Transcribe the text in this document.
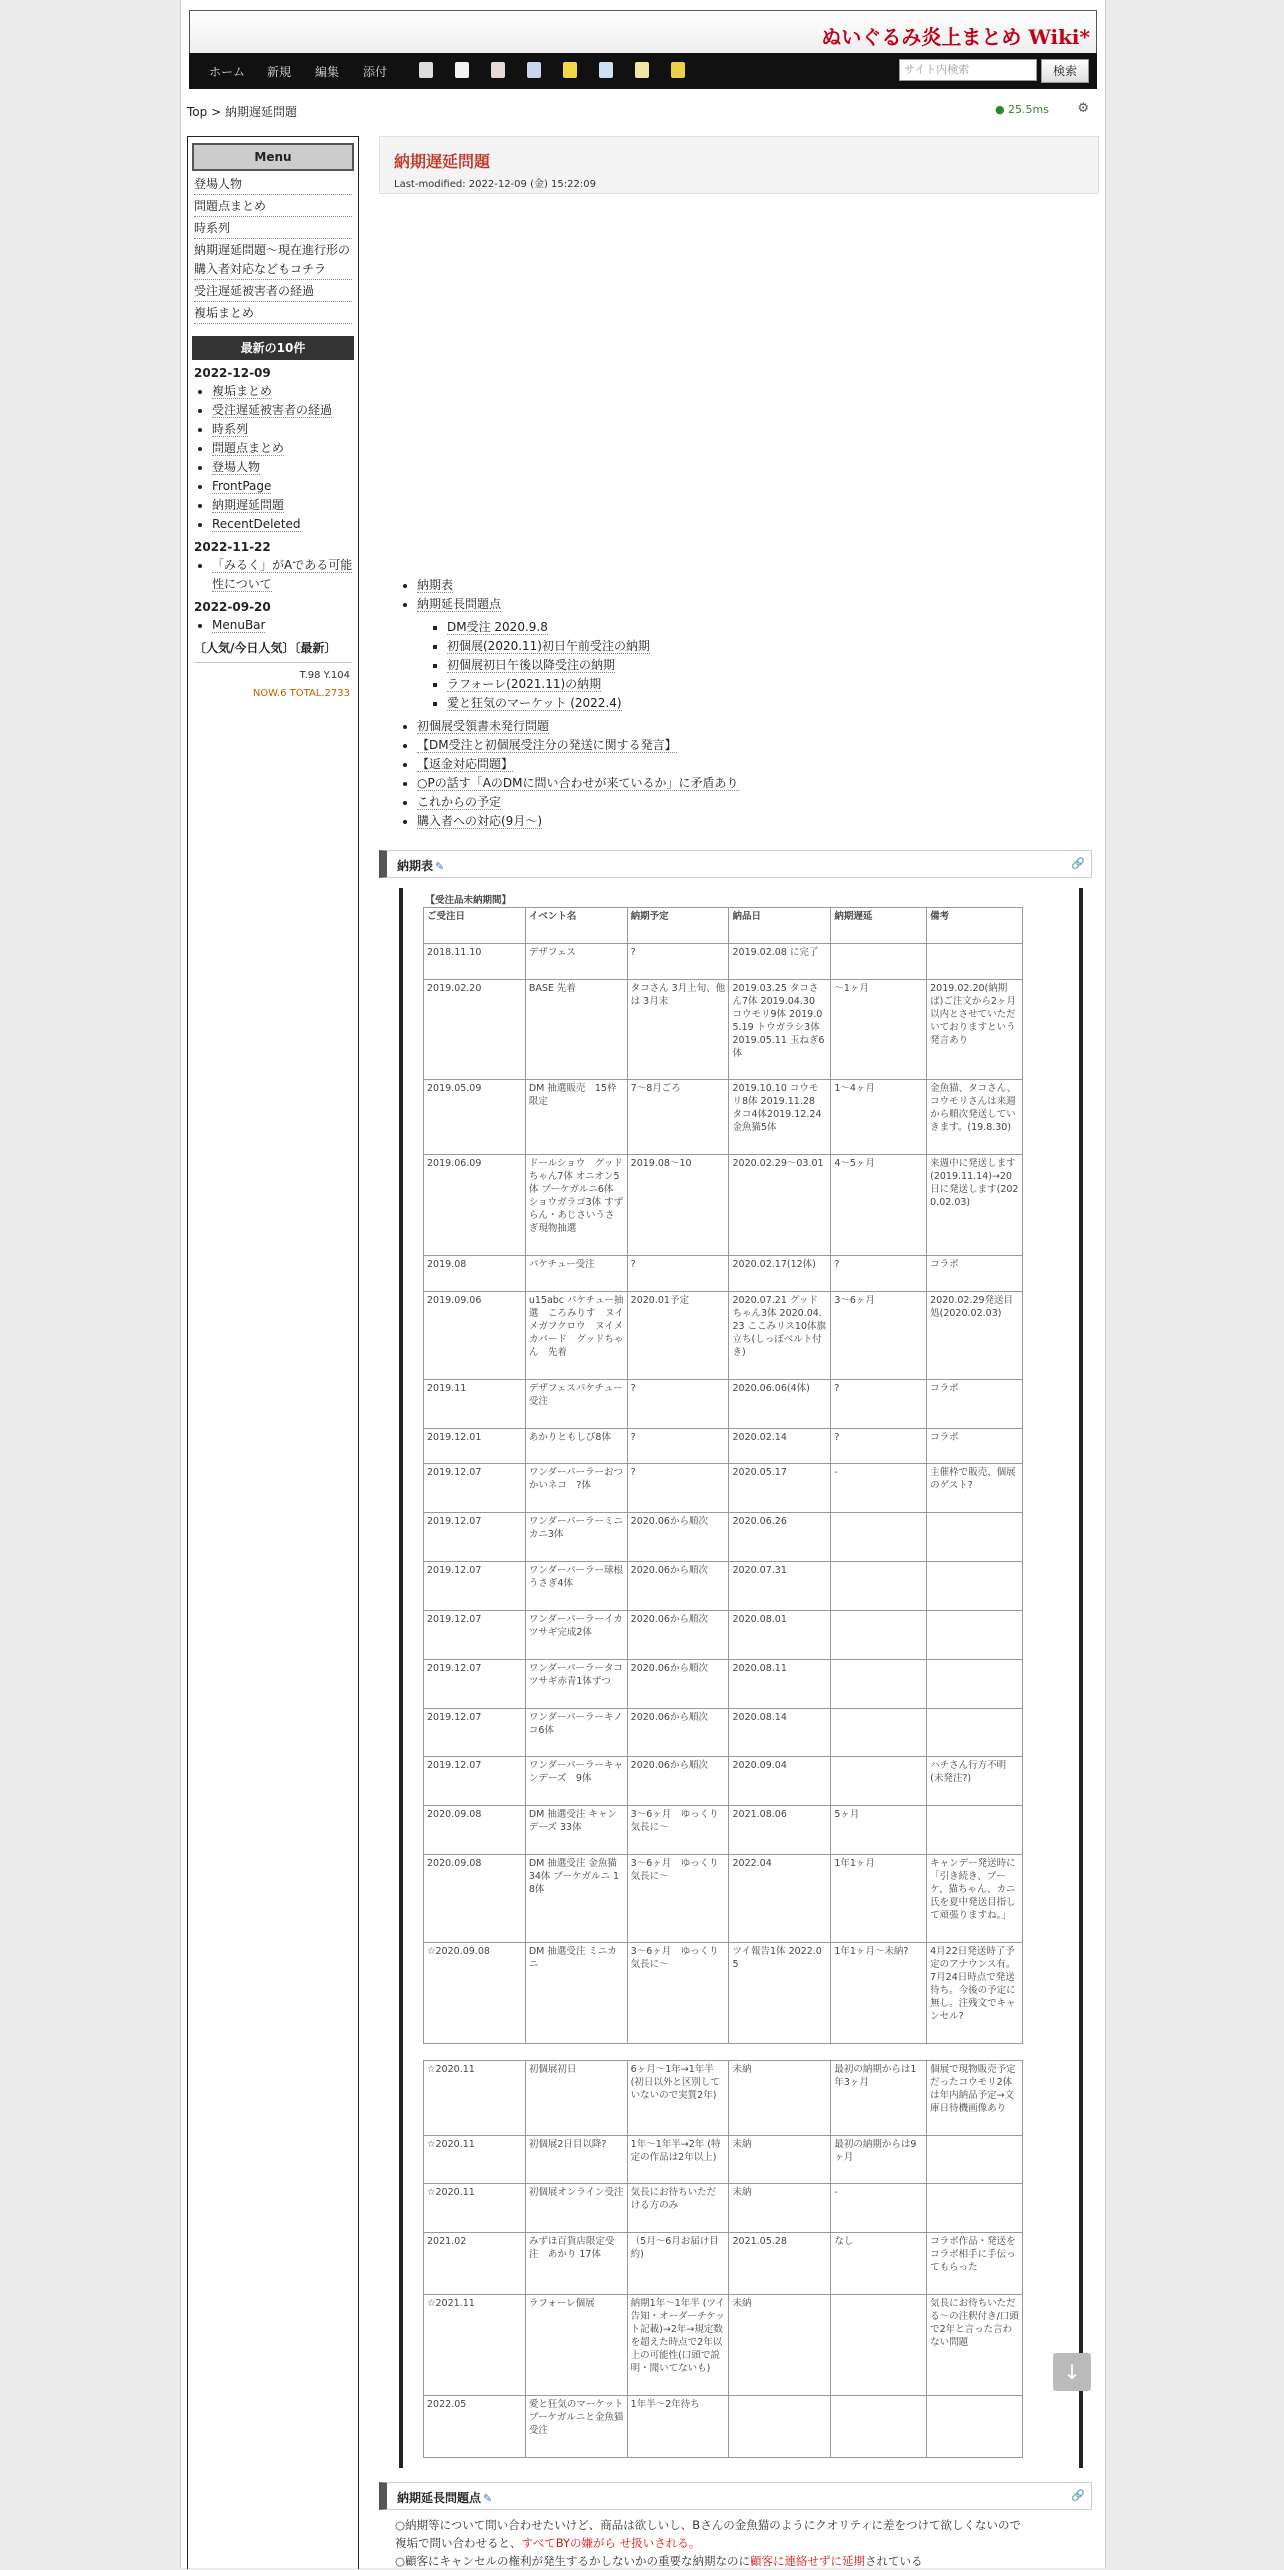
ぬいぐるみ炎上まとめ Wiki*
ホーム 新規 編集 添付	サイト内検索	検索
Top > 納期遅延問題	● 25.5ms ⚙
Menu
登場人物
問題点まとめ
時系列
納期遅延問題～現在進行形の購入者対応などもコチラ
受注遅延被害者の経過
複垢まとめ
最新の10件
2022-12-09
• 複垢まとめ
• 受注遅延被害者の経過
• 時系列
• 問題点まとめ
• 登場人物
• FrontPage
• 納期遅延問題
• RecentDeleted
2022-11-22
• 「みるく」がAである可能性について
2022-09-20
• MenuBar
〔人気/今日人気〕〔最新〕
T.98 Y.104
NOW.6 TOTAL.2733
納期遅延問題
Last-modified: 2022-12-09 (金) 15:22:09
• 納期表
• 納期延長問題点
▪ DM受注 2020.9.8
▪ 初個展(2020.11)初日午前受注の納期
▪ 初個展初日午後以降受注の納期
▪ ラフォーレ(2021.11)の納期
▪ 愛と狂気のマーケット (2022.4)
• 初個展受領書未発行問題
• 【DM受注と初個展受注分の発送に関する発言】
• 【返金対応問題】
• ○Pの話す「AのDMに問い合わせが来ているか」に矛盾あり
• これからの予定
• 購入者への対応(9月～)
納期表 ✎	🔗
【受注品未納期間】					
ご受注日	イベント名	納期予定	納品日	納期遅延	備考
2018.11.10	デザフェス	?	2019.02.08 に完了		
2019.02.20	BASE 先着	タコさん 3月上旬、他は 3月末	2019.03.25 タコさん7体 2019.04.30 コウモリ9体 2019.05.19 トウガラシ3体 2019.05.11 玉ねぎ6体	～1ヶ月	2019.02.20(納期ば)ご注文から2ヶ月以内とさせていただいておりますという発言あり
2019.05.09	DM 抽選販売　15枠限定	7～8月ごろ	2019.10.10 コウモリ8体 2019.11.28 タコ4体2019.12.24金魚猫5体	1～4ヶ月	金魚猫、タコさん、コウモリさんは来週から順次発送していきます。(19.8.30)
2019.06.09	ドールショウ　グッドちゃん7体 オニオン5体 ブーケガルニ6体 ショウガラゴ3体 すずらん・あじさいうさぎ現物抽選	2019.08～10	2020.02.29～03.01	4～5ヶ月	来週中に発送します(2019.11.14)→20日に発送します(2020.02.03)
2019.08	パケチュー受注	?	2020.02.17(12体)	?	コラボ
2019.09.06	u15abc パケチュー抽選　ころみりす　ヌイメガフクロウ　ヌイメカバード　グッドちゃん　先着	2020.01予定	2020.07.21 グッドちゃん3体 2020.04.23 ここみリス10体旗立ち(しっぽベルト付き)	3～6ヶ月	2020.02.29発送目処(2020.02.03)
2019.11	デザフェスパケチュー受注	?	2020.06.06(4体)	?	コラボ
2019.12.01	あかりともしび8体	?	2020.02.14	?	コラボ
2019.12.07	ワンダーパーラーおつかいネコ　?体	?	2020.05.17	-	主催枠で販売、個展のゲスト?
2019.12.07	ワンダーパーラーミニカニ3体	2020.06から順次	2020.06.26		
2019.12.07	ワンダーパーラー球根うさぎ4体	2020.06から順次	2020.07.31		
2019.12.07	ワンダーパーラーイカツサギ完成2体	2020.06から順次	2020.08.01		
2019.12.07	ワンダーパーラータコツサギ赤青1体ずつ	2020.06から順次	2020.08.11		
2019.12.07	ワンダーパーラーキノコ6体	2020.06から順次	2020.08.14		
2019.12.07	ワンダーパーラーキャンデーズ　9体	2020.06から順次	2020.09.04		ハチさん行方不明(未発注?)
2020.09.08	DM 抽選受注 キャンデーズ 33体	3～6ヶ月　ゆっくり気長に～	2021.08.06	5ヶ月	
2020.09.08	DM 抽選受注 金魚猫 34体 ブーケガルニ 18体	3～6ヶ月　ゆっくり気長に～	2022.04	1年1ヶ月	キャンデー発送時に「引き続き、ブーケ、猫ちゃん、カニ氏を夏中発送目指して頑張りますね。」
☆2020.09.08	DM 抽選受注 ミニカニ	3～6ヶ月　ゆっくり気長に～	ツイ報告1体 2022.05	1年1ヶ月～未納?	4月22日発送時了予定のアナウンス有。7月24日時点で発送待ち。今後の予定に無し。注残文でキャンセル?

☆2020.11	初個展初日	6ヶ月～1年→1年半 (初日以外と区別していないので実質2年)	未納	最初の納期からは1年3ヶ月	個展で現物販売予定だったコウモリ2体は年内納品予定→文庫日待機画像あり
☆2020.11	初個展2日目以降?	1年～1年半→2年 (特定の作品は2年以上)	未納	最初の納期からは9ヶ月	
☆2020.11	初個展オンライン受注	気長にお待ちいただける方のみ	未納	-	
2021.02	みずほ百貨店限定受注　あかり 17体	（5月～6月お届け目約)	2021.05.28	なし	コラボ作品・発送をコラボ相手に手伝ってもらった
☆2021.11	ラフォーレ個展	納期1年～1年半 (ツイ告知・オーダーチケット記載)→2年→規定数を超えた時点で2年以上の可能性(口頭で説明・聞いてないも)	未納		気長にお待ちいただる～の注釈付き/口頭で2年と言った言わない問題
2022.05	愛と狂気のマーケット　ブーケガルニと金魚猫受注	1年半～2年待ち			
納期延長問題点 ✎	🔗
○納期等について問い合わせたいけど、商品は欲しいし、Bさんの金魚猫のようにクオリティに差をつけて欲しくないので
複垢で問い合わせると、すべてBYの嫌がら せ扱いされる。
○顧客にキャンセルの権利が発生するかしないかの重要な納期なのに顧客に連絡せずに延期されている
↓
